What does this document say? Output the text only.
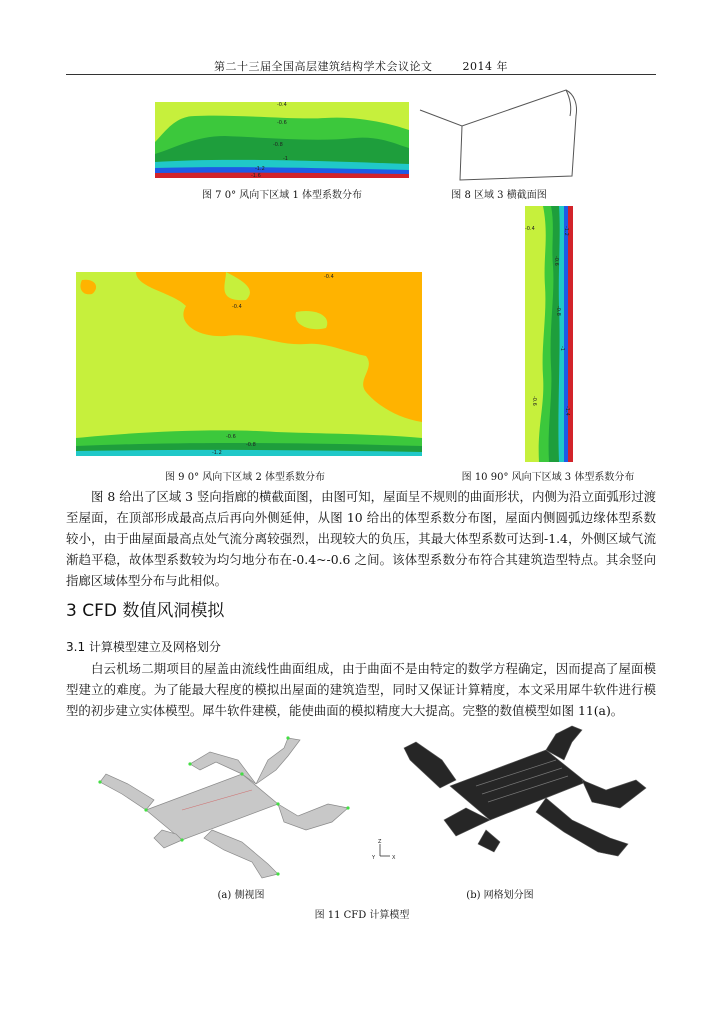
第二十三届全国高层建筑结构学术会议论文	2014 年
-0.4
-0.6
-0.8
-1
-1.2
-1.6
图 7 0° 风向下区域 1 体型系数分布	图 8 区域 3 横截面图
-0.4
-0.6
-0.8
-1
-1.2
-1.4
-0.6
-0.4
-0.4
-0.6
-0.8
-1.2
图 9 0° 风向下区域 2 体型系数分布	图 10 90° 风向下区域 3 体型系数分布
图 8 给出了区域 3 竖向指廊的横截面图，由图可知，屋面呈不规则的曲面形状，内侧为沿立面弧形过渡至屋面，在顶部形成最高点后再向外侧延伸，从图 10 给出的体型系数分布图，屋面内侧圆弧边缘体型系数较小，由于曲屋面最高点处气流分离较强烈，出现较大的负压，其最大体型系数可达到-1.4，外侧区域气流渐趋平稳，故体型系数较为均匀地分布在-0.4~-0.6 之间。该体型系数分布符合其建筑造型特点。其余竖向指廊区域体型分布与此相似。
3 CFD 数值风洞模拟
3.1 计算模型建立及网格划分
白云机场二期项目的屋盖由流线性曲面组成，由于曲面不是由特定的数学方程确定，因而提高了屋面模型建立的难度。为了能最大程度的模拟出屋面的建筑造型，同时又保证计算精度，本文采用犀牛软件进行模型的初步建立实体模型。犀牛软件建模，能使曲面的模拟精度大大提高。完整的数值模型如图 11(a)。
Z
Y	X
(a) 侧视图	(b) 网格划分图
图 11 CFD 计算模型
